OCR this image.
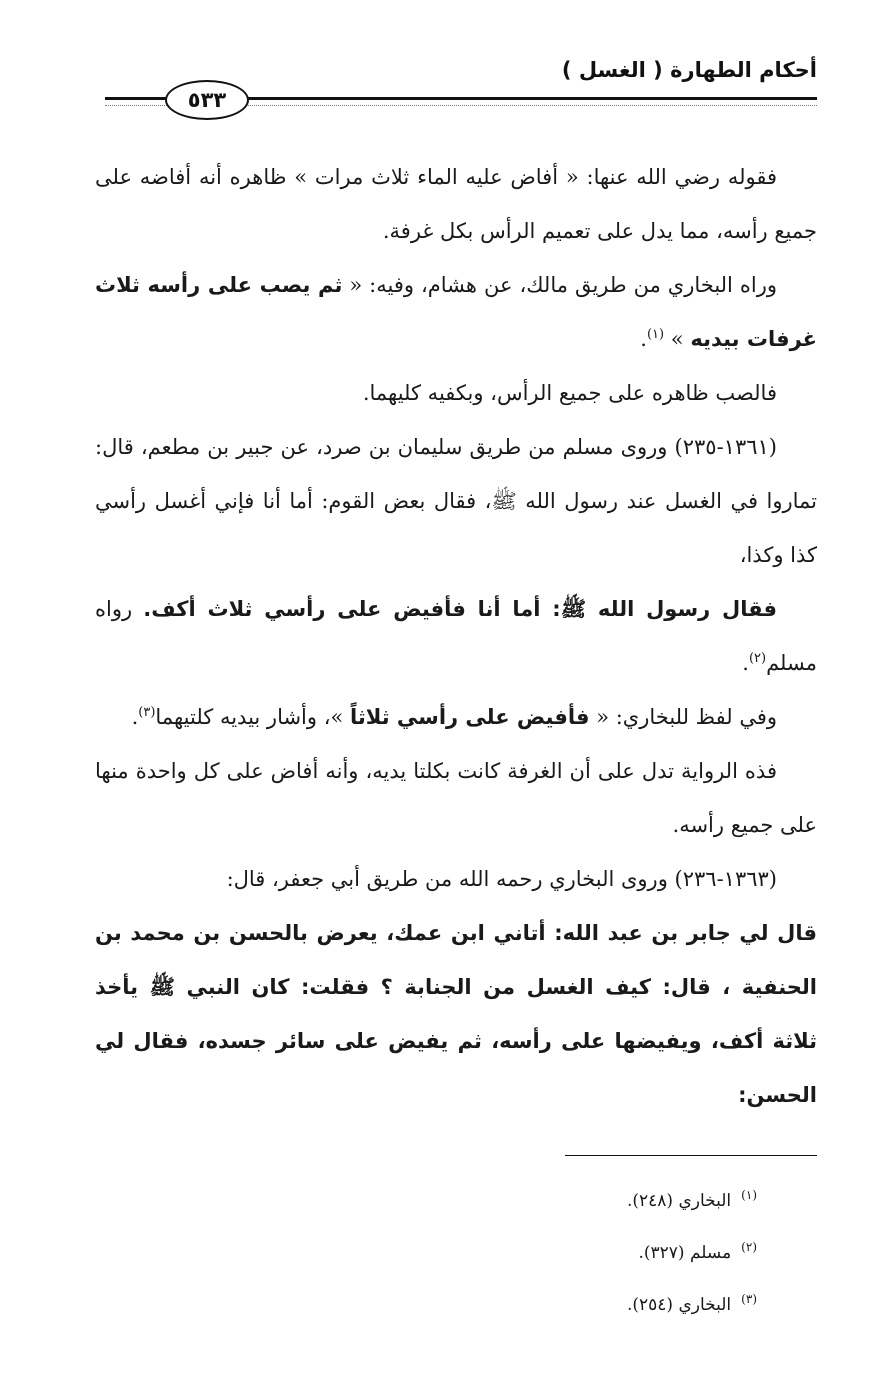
أحكام الطهارة ( الغسل )
٥٣٣

فقوله رضي الله عنها: « أفاض عليه الماء ثلاث مرات » ظاهره أنه أفاضه على جميع رأسه، مما يدل على تعميم الرأس بكل غرفة.

وراه البخاري من طريق مالك، عن هشام، وفيه: « ثم يصب على رأسه ثلاث غرفات بيديه » $^{(١)}$.

فالصب ظاهره على جميع الرأس، وبكفيه كليهما.

(١٣٦١-٢٣٥) وروى مسلم من طريق سليمان بن صرد، عن جبير بن مطعم، قال: تماروا في الغسل عند رسول الله ﷺ، فقال بعض القوم: أما أنا فإني أغسل رأسي كذا وكذا،

فقال رسول الله ﷺ: أما أنا فأفيض على رأسي ثلاث أكف. رواه مسلم$^{(٢)}$.

وفي لفظ للبخاري: « فأفيض على رأسي ثلاثاً »، وأشار بيديه كلتيهما$^{(٣)}$.

فذه الرواية تدل على أن الغرفة كانت بكلتا يديه، وأنه أفاض على كل واحدة منها على جميع رأسه.

(١٣٦٣-٢٣٦) وروى البخاري رحمه الله من طريق أبي جعفر، قال:

قال لي جابر بن عبد الله: أتاني ابن عمك، يعرض بالحسن بن محمد بن الحنفية ، قال: كيف الغسل من الجنابة ؟ فقلت: كان النبي ﷺ يأخذ ثلاثة أكف، ويفيضها على رأسه، ثم يفيض على سائر جسده، فقال لي الحسن:

$^{(١)}$البخاري (٢٤٨).
$^{(٢)}$مسلم (٣٢٧).
$^{(٣)}$البخاري (٢٥٤).
